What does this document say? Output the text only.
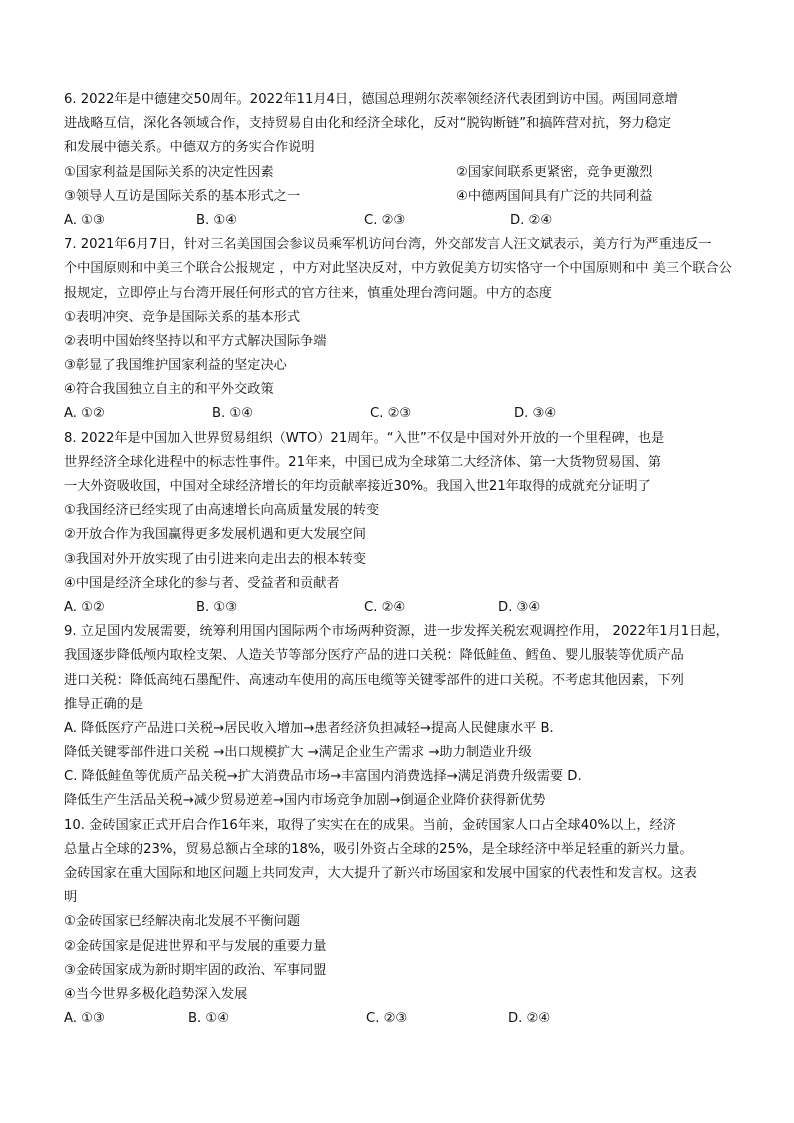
6. 2022年是中德建交50周年。2022年11月4日，德国总理朔尔茨率领经济代表团到访中国。两国同意增
进战略互信，深化各领域合作，支持贸易自由化和经济全球化，反对“脱钩断链”和搞阵营对抗，努力稳定
和发展中德关系。中德双方的务实合作说明
①国家利益是国际关系的决定性因素	②国家间联系更紧密，竞争更激烈
③领导人互访是国际关系的基本形式之一	④中德两国间具有广泛的共同利益
A. ①③	B. ①④	C. ②③	D. ②④
7. 2021年6月7日，针对三名美国国会参议员乘军机访问台湾，外交部发言人汪文斌表示，美方行为严重违反一
个中国原则和中美三个联合公报规定 ，中方对此坚决反对，中方敦促美方切实恪守一个中国原则和中 美三个联合公
报规定，立即停止与台湾开展任何形式的官方往来，慎重处理台湾问题。中方的态度
①表明冲突、竞争是国际关系的基本形式
②表明中国始终坚持以和平方式解决国际争端
③彰显了我国维护国家利益的坚定决心
④符合我国独立自主的和平外交政策
A. ①②	B. ①④	C. ②③	D. ③④
8. 2022年是中国加入世界贸易组织（WTO）21周年。“入世”不仅是中国对外开放的一个里程碑，也是
世界经济全球化进程中的标志性事件。21年来，中国已成为全球第二大经济体、第一大货物贸易国、第
一大外资吸收国，中国对全球经济增长的年均贡献率接近30%。我国入世21年取得的成就充分证明了
①我国经济已经实现了由高速增长向高质量发展的转变
②开放合作为我国赢得更多发展机遇和更大发展空间
③我国对外开放实现了由引进来向走出去的根本转变
④中国是经济全球化的参与者、受益者和贡献者
A. ①②	B. ①③	C. ②④	D. ③④
9. 立足国内发展需要，统筹利用国内国际两个市场两种资源，进一步发挥关税宏观调控作用， 2022年1月1日起，
我国逐步降低颅内取栓支架、人造关节等部分医疗产品的进口关税：降低鲑鱼、鳕鱼、婴儿服装等优质产品
进口关税：降低高纯石墨配件、高速动车使用的高压电缆等关键零部件的进口关税。不考虑其他因素，下列
推导正确的是
A. 降低医疗产品进口关税→居民收入增加→患者经济负担减轻→提高人民健康水平 B.
降低关键零部件进口关税 →出口规模扩大 →满足企业生产需求 →助力制造业升级
C. 降低鲑鱼等优质产品关税→扩大消费品市场→丰富国内消费选择→满足消费升级需要 D.
降低生产生活品关税→减少贸易逆差→国内市场竞争加剧→倒逼企业降价获得新优势
10. 金砖国家正式开启合作16年来，取得了实实在在的成果。当前，金砖国家人口占全球40%以上，经济
总量占全球的23%，贸易总额占全球的18%，吸引外资占全球的25%，是全球经济中举足轻重的新兴力量。
金砖国家在重大国际和地区问题上共同发声，大大提升了新兴市场国家和发展中国家的代表性和发言权。这表
明
①金砖国家已经解决南北发展不平衡问题
②金砖国家是促进世界和平与发展的重要力量
③金砖国家成为新时期牢固的政治、军事同盟
④当今世界多极化趋势深入发展
A. ①③	B. ①④	C. ②③	D. ②④
